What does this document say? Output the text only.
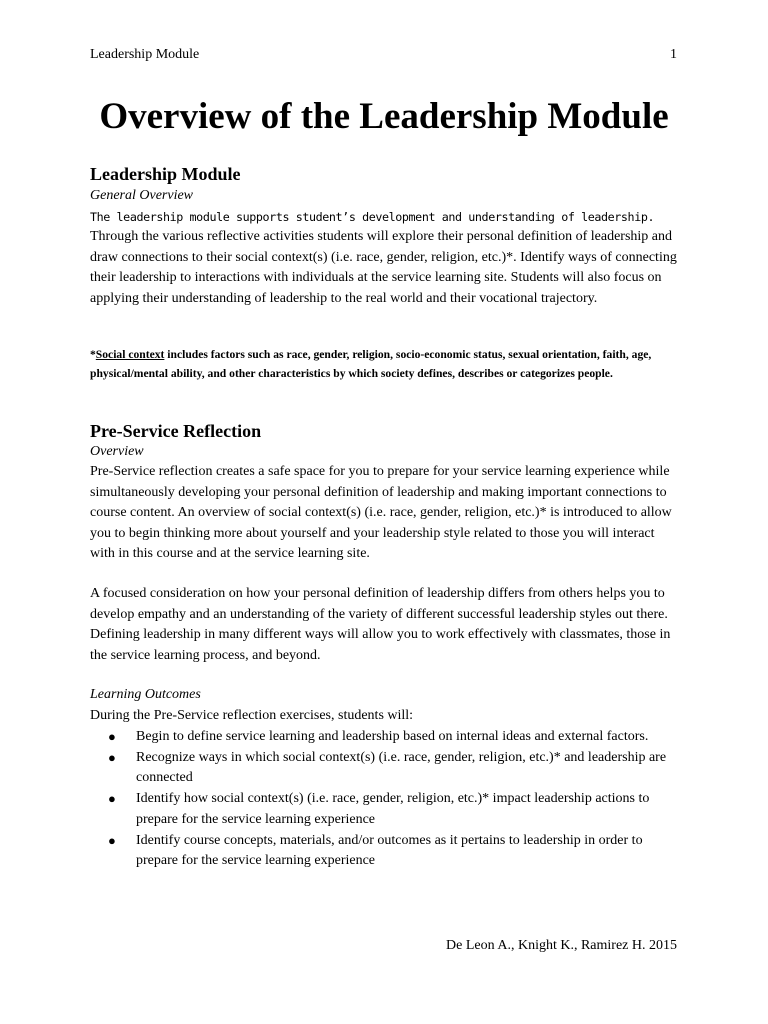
Leadership Module	1
Overview of the Leadership Module
Leadership Module
General Overview
The leadership module supports student’s development and understanding of leadership.

Through the various reflective activities students will explore their personal definition of leadership and draw connections to their social context(s) (i.e. race, gender, religion, etc.)*. Identify ways of connecting their leadership to interactions with individuals at the service learning site. Students will also focus on applying their understanding of leadership to the real world and their vocational trajectory.

*Social context includes factors such as race, gender, religion, socio-economic status, sexual orientation, faith, age, physical/mental ability, and other characteristics by which society defines, describes or categorizes people.

Pre-Service Reflection
Overview

Pre-Service reflection creates a safe space for you to prepare for your service learning experience while simultaneously developing your personal definition of leadership and making important connections to course content. An overview of social context(s) (i.e. race, gender, religion, etc.)* is introduced to allow you to begin thinking more about yourself and your leadership style related to those you will interact with in this course and at the service learning site.

A focused consideration on how your personal definition of leadership differs from others helps you to develop empathy and an understanding of the variety of different successful leadership styles out there. Defining leadership in many different ways will allow you to work effectively with classmates, those in the service learning process, and beyond.

Learning Outcomes
During the Pre-Service reflection exercises, students will:
● Begin to define service learning and leadership based on internal ideas and external factors.
● Recognize ways in which social context(s) (i.e. race, gender, religion, etc.)* and leadership are connected
● Identify how social context(s) (i.e. race, gender, religion, etc.)* impact leadership actions to prepare for the service learning experience
● Identify course concepts, materials, and/or outcomes as it pertains to leadership in order to prepare for the service learning experience
De Leon A., Knight K., Ramirez H. 2015
